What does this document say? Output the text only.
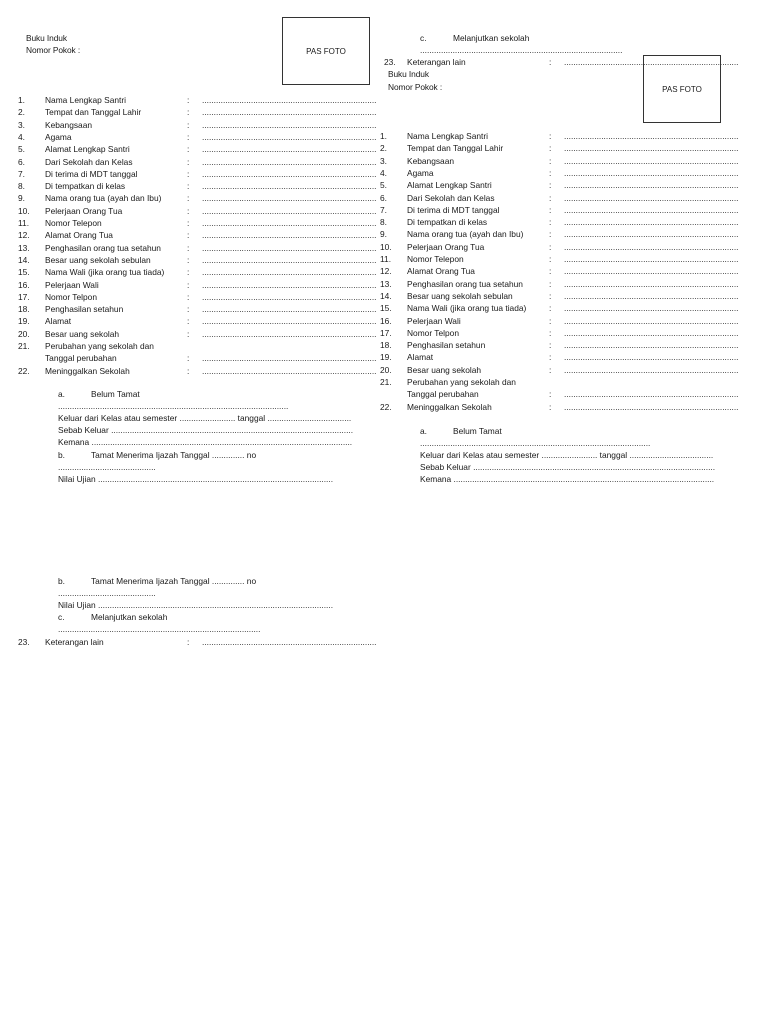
Buku Induk
Nomor Pokok :	PAS FOTO
1.	Nama Lengkap Santri	: ...........................................................................
2.	Tempat dan Tanggal Lahir	: ...........................................................................
3.	Kebangsaan	: ...........................................................................
4.	Agama	: ...........................................................................
5.	Alamat Lengkap Santri	: ...........................................................................
6.	Dari Sekolah dan Kelas	: ...........................................................................
7.	Di terima di MDT tanggal	: ...........................................................................
8.	Di tempatkan di kelas	: ...........................................................................
9.	Nama orang tua (ayah dan Ibu)	: ...........................................................................
10.	Pelerjaan Orang Tua	: ...........................................................................
11.	Nomor Telepon	: ...........................................................................
12.	Alamat Orang Tua	: ...........................................................................
13.	Penghasilan orang tua setahun	: ...........................................................................
14.	Besar uang sekolah sebulan	: ...........................................................................
15.	Nama Wali (jika orang tua tiada)	: ...........................................................................
16.	Pelerjaan Wali	: ...........................................................................
17.	Nomor Telpon	: ...........................................................................
18.	Penghasilan setahun	: ...........................................................................
19.	Alamat	: ...........................................................................
20.	Besar uang sekolah	: ...........................................................................
21.	Perubahan yang sekolah dan
Tanggal perubahan	: ...........................................................................
22.	Meninggalkan Sekolah	: ...........................................................................
a.	Belum Tamat
...................................................................................................
Keluar dari Kelas atau semester ........................ tanggal ....................................
Sebab Keluar ........................................................................................................
Kemana ................................................................................................................
b.	Tamat Menerima Ijazah Tanggal .............. no
..........................................
Nilai Ujian .....................................................................................................
b.	Tamat Menerima Ijazah Tanggal .............. no
..........................................
Nilai Ujian .....................................................................................................
c.	Melanjutkan sekolah
.......................................................................................
23.	Keterangan lain	: ...........................................................................
c.	Melanjutkan sekolah
.......................................................................................
23.	Keterangan lain	: ...........................................................................
Buku Induk
Nomor Pokok :	PAS FOTO
1.	Nama Lengkap Santri	: ...........................................................................
2.	Tempat dan Tanggal Lahir	: ...........................................................................
3.	Kebangsaan	: ...........................................................................
4.	Agama	: ...........................................................................
5.	Alamat Lengkap Santri	: ...........................................................................
6.	Dari Sekolah dan Kelas	: ...........................................................................
7.	Di terima di MDT tanggal	: ...........................................................................
8.	Di tempatkan di kelas	: ...........................................................................
9.	Nama orang tua (ayah dan Ibu)	: ...........................................................................
10.	Pelerjaan Orang Tua	: ...........................................................................
11.	Nomor Telepon	: ...........................................................................
12.	Alamat Orang Tua	: ...........................................................................
13.	Penghasilan orang tua setahun	: ...........................................................................
14.	Besar uang sekolah sebulan	: ...........................................................................
15.	Nama Wali (jika orang tua tiada)	: ...........................................................................
16.	Pelerjaan Wali	: ...........................................................................
17.	Nomor Telpon	: ...........................................................................
18.	Penghasilan setahun	: ...........................................................................
19.	Alamat	: ...........................................................................
20.	Besar uang sekolah	: ...........................................................................
21.	Perubahan yang sekolah dan
Tanggal perubahan	: ...........................................................................
22.	Meninggalkan Sekolah	: ...........................................................................
a.	Belum Tamat
...................................................................................................
Keluar dari Kelas atau semester ........................ tanggal ....................................
Sebab Keluar ........................................................................................................
Kemana ................................................................................................................
